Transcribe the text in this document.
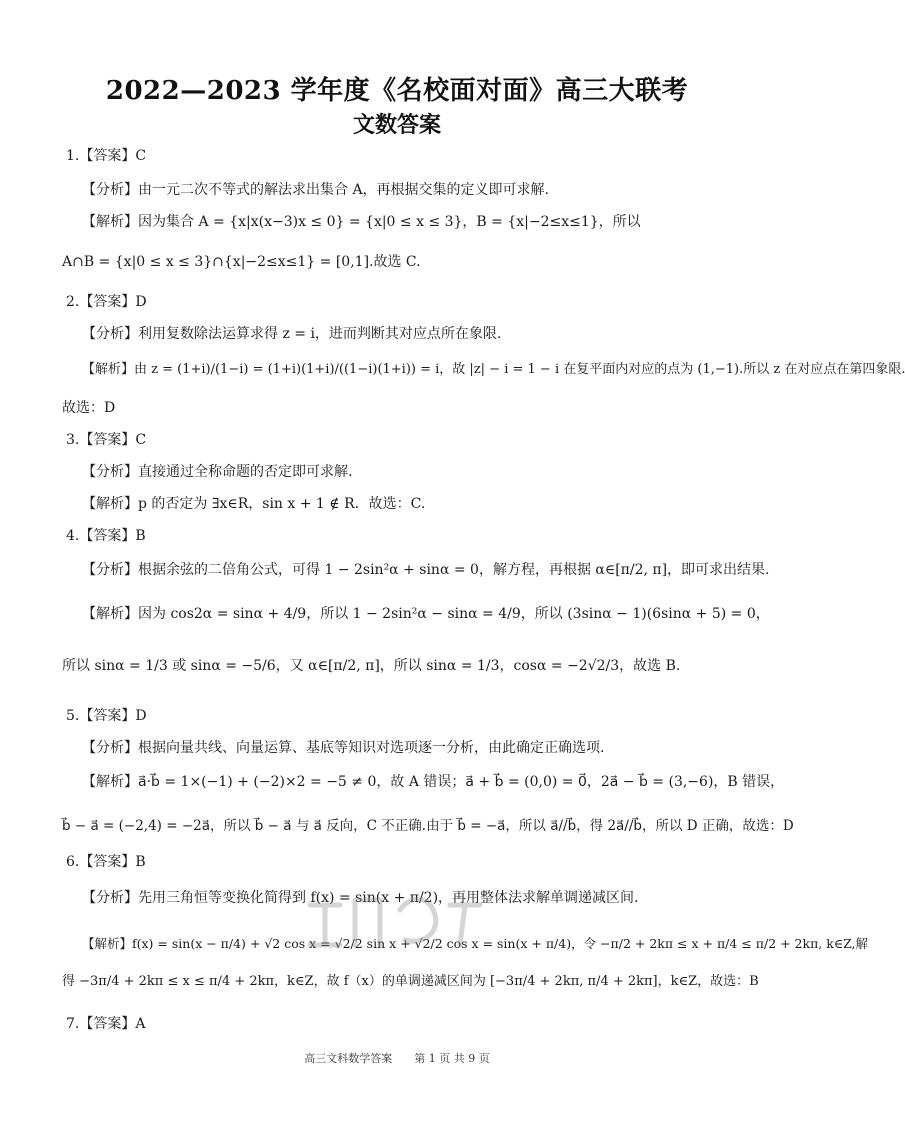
2022—2023 学年度《名校面对面》高三大联考
文数答案
1.【答案】C
【分析】由一元二次不等式的解法求出集合 A，再根据交集的定义即可求解.
【解析】因为集合 A = {x|x(x−3)x ≤ 0} = {x|0 ≤ x ≤ 3}，B = {x|−2≤x≤1}，所以
A∩B = {x|0 ≤ x ≤ 3}∩{x|−2≤x≤1} = [0,1].故选 C.
2.【答案】D
【分析】利用复数除法运算求得 z = i，进而判断其对应点所在象限.
【解析】由 z = (1+i)/(1−i) = (1+i)(1+i)/((1−i)(1+i)) = i，故 |z| − i = 1 − i 在复平面内对应的点为 (1,−1).所以 z 在对应点在第四象限.
故选：D
3.【答案】C
【分析】直接通过全称命题的否定即可求解.
【解析】p 的否定为 ∃x∈R，sin x + 1 ∉ R．故选：C.
4.【答案】B
【分析】根据余弦的二倍角公式，可得 1 − 2sin²α + sinα = 0，解方程，再根据 α∈[π/2, π]，即可求出结果.
【解析】因为 cos2α = sinα + 4/9，所以 1 − 2sin²α − sinα = 4/9，所以 (3sinα − 1)(6sinα + 5) = 0，
所以 sinα = 1/3 或 sinα = −5/6，又 α∈[π/2, π]，所以 sinα = 1/3，cosα = −2√2/3，故选 B.
5.【答案】D
【分析】根据向量共线、向量运算、基底等知识对选项逐一分析，由此确定正确选项.
【解析】a⃗·b⃗ = 1×(−1) + (−2)×2 = −5 ≠ 0，故 A 错误；a⃗ + b⃗ = (0,0) = 0⃗，2a⃗ − b⃗ = (3,−6)，B 错误，
b⃗ − a⃗ = (−2,4) = −2a⃗，所以 b⃗ − a⃗ 与 a⃗ 反向，C 不正确.由于 b⃗ = −a⃗，所以 a⃗//b⃗，得 2a⃗//b⃗，所以 D 正确，故选：D
6.【答案】B
【分析】先用三角恒等变换化简得到 f(x) = sin(x + π/2)，再用整体法求解单调递减区间.
【解析】f(x) = sin(x − π/4) + √2 cos x = √2/2 sin x + √2/2 cos x = sin(x + π/4)，令 −π/2 + 2kπ ≤ x + π/4 ≤ π/2 + 2kπ, k∈Z,解
得 −3π/4 + 2kπ ≤ x ≤ π/4 + 2kπ，k∈Z，故 f（x）的单调递减区间为 [−3π/4 + 2kπ, π/4 + 2kπ]，k∈Z，故选：B
7.【答案】A
高三文科数学答案　　第 1 页 共 9 页
